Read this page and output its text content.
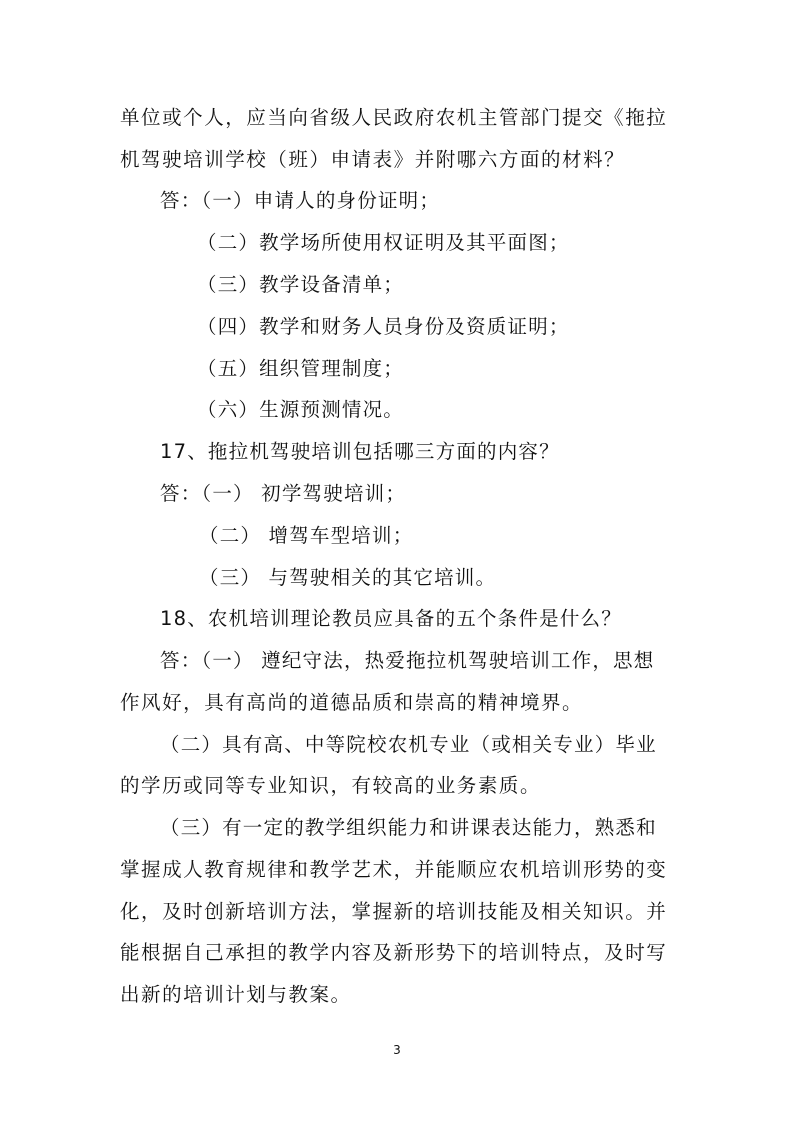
单位或个人，应当向省级人民政府农机主管部门提交《拖拉
机驾驶培训学校（班）申请表》并附哪六方面的材料？
答：（一）申请人的身份证明；
（二）教学场所使用权证明及其平面图；
（三）教学设备清单；
（四）教学和财务人员身份及资质证明；
（五）组织管理制度；
（六）生源预测情况。
17、拖拉机驾驶培训包括哪三方面的内容？
答：（一） 初学驾驶培训；
（二） 增驾车型培训；
（三） 与驾驶相关的其它培训。
18、农机培训理论教员应具备的五个条件是什么？
答：（一） 遵纪守法，热爱拖拉机驾驶培训工作，思想
作风好，具有高尚的道德品质和崇高的精神境界。
（二）具有高、中等院校农机专业（或相关专业）毕业
的学历或同等专业知识，有较高的业务素质。
（三）有一定的教学组织能力和讲课表达能力，熟悉和
掌握成人教育规律和教学艺术，并能顺应农机培训形势的变
化，及时创新培训方法，掌握新的培训技能及相关知识。并
能根据自己承担的教学内容及新形势下的培训特点，及时写
出新的培训计划与教案。
3
